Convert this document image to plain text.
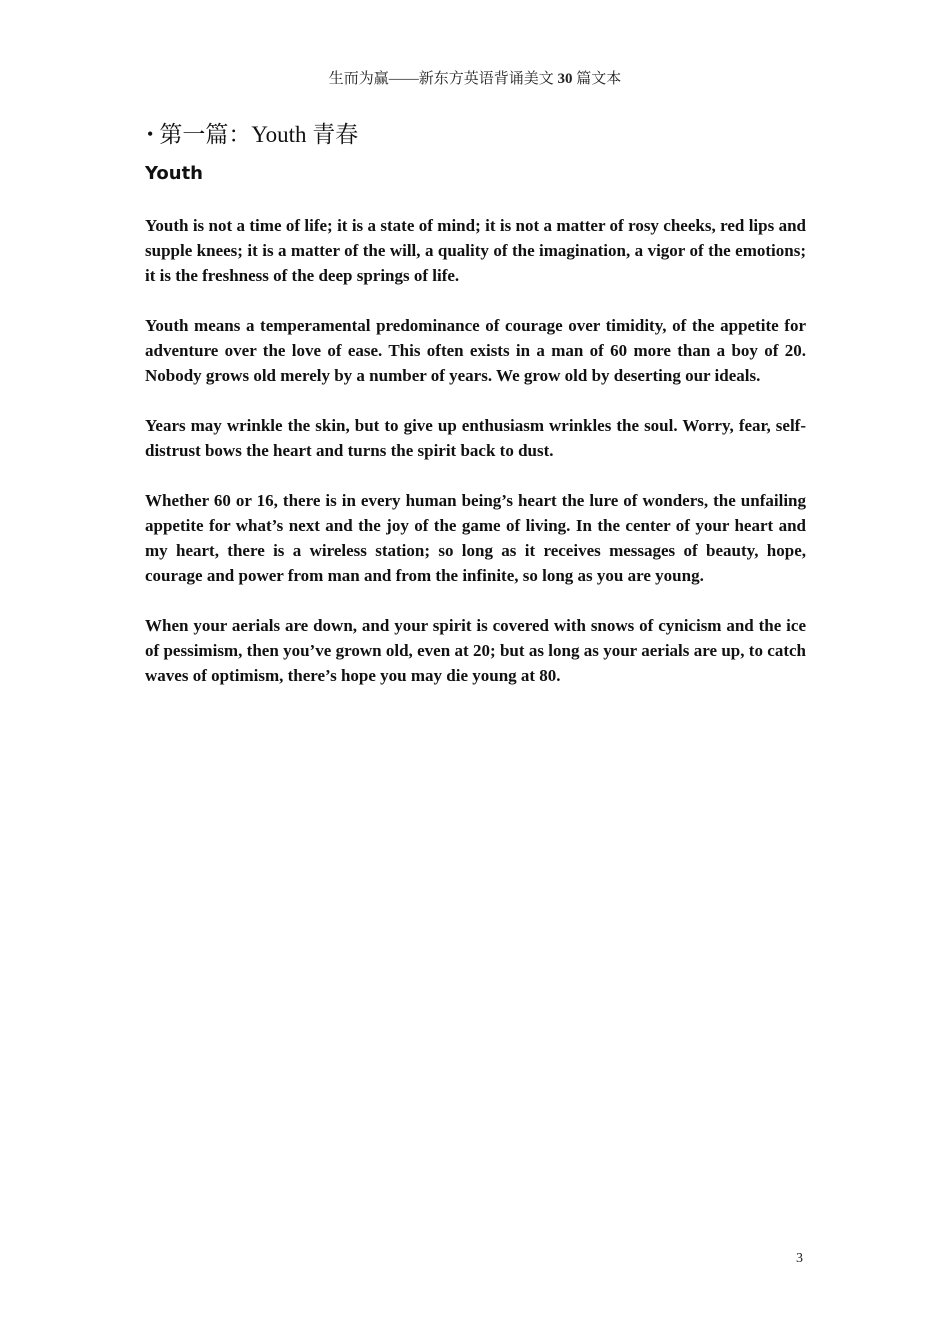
生而为赢——新东方英语背诵美文 30 篇文本
• 第一篇：Youth 青春
Youth

Youth is not a time of life; it is a state of mind; it is not a matter of rosy cheeks, red lips and supple knees; it is a matter of the will, a quality of the imagination, a vigor of the emotions; it is the freshness of the deep springs of life.

Youth means a temperamental predominance of courage over timidity, of the appetite for adventure over the love of ease. This often exists in a man of 60 more than a boy of 20. Nobody grows old merely by a number of years. We grow old by deserting our ideals.

Years may wrinkle the skin, but to give up enthusiasm wrinkles the soul. Worry, fear, self-distrust bows the heart and turns the spirit back to dust.

Whether 60 or 16, there is in every human being’s heart the lure of wonders, the unfailing appetite for what’s next and the joy of the game of living. In the center of your heart and my heart, there is a wireless station; so long as it receives messages of beauty, hope, courage and power from man and from the infinite, so long as you are young.

When your aerials are down, and your spirit is covered with snows of cynicism and the ice of pessimism, then you’ve grown old, even at 20; but as long as your aerials are up, to catch waves of optimism, there’s hope you may die young at 80.

3
